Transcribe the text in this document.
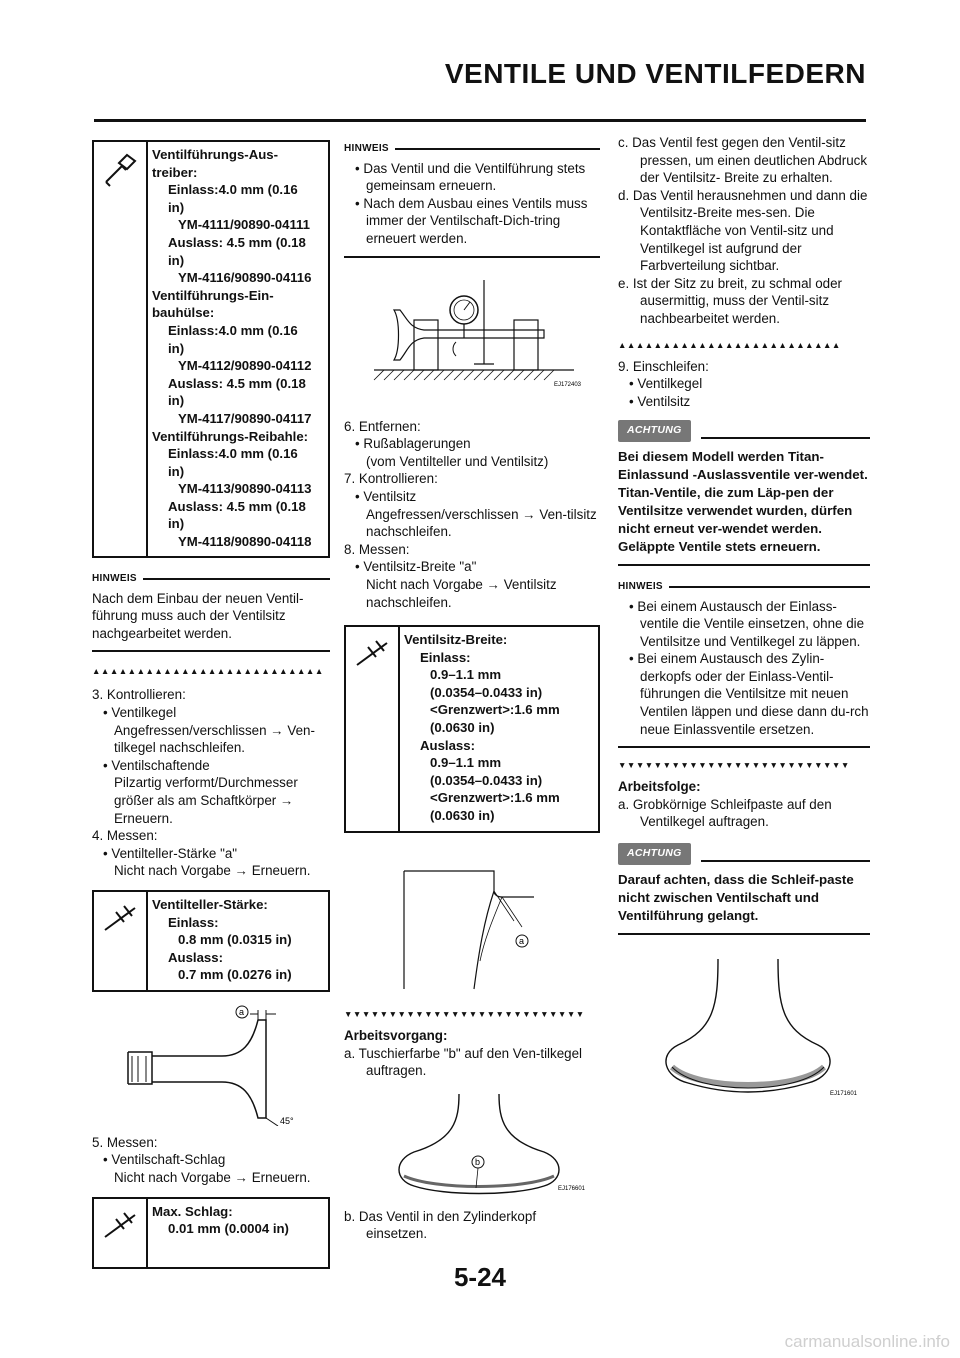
VENTILE UND VENTILFEDERN
Ventilführungs-Aus-
treiber:
Einlass:4.0 mm (0.16
in)
YM-4111/90890-04111
Auslass: 4.5 mm (0.18
in)
YM-4116/90890-04116
Ventilführungs-Ein-
bauhülse:
Einlass:4.0 mm (0.16
in)
YM-4112/90890-04112
Auslass: 4.5 mm (0.18
in)
YM-4117/90890-04117
Ventilführungs-Reibahle:
Einlass:4.0 mm (0.16
in)
YM-4113/90890-04113
Auslass: 4.5 mm (0.18
in)
YM-4118/90890-04118
HINWEIS
Nach dem Einbau der neuen Ventil-führung muss auch der Ventilsitz nachgearbeitet werden.
▲▲▲▲▲▲▲▲▲▲▲▲▲▲▲▲▲▲▲▲▲▲▲▲▲▲
3. Kontrollieren:
• Ventilkegel
Angefressen/verschlissen → Ven-tilkegel nachschleifen.
• Ventilschaftende
Pilzartig verformt/Durchmesser größer als am Schaftkörper → Erneuern.
4. Messen:
• Ventilteller-Stärke "a"
Nicht nach Vorgabe → Erneuern.
Ventilteller-Stärke:
Einlass:
0.8 mm (0.0315 in)
Auslass:
0.7 mm (0.0276 in)
a
45°
5. Messen:
• Ventilschaft-Schlag
Nicht nach Vorgabe → Erneuern.
Max. Schlag:
0.01 mm (0.0004 in)
HINWEIS
• Das Ventil und die Ventilführung stets gemeinsam erneuern.
• Nach dem Ausbau eines Ventils muss immer der Ventilschaft-Dich-tring erneuert werden.
EJ172403
6. Entfernen:
• Rußablagerungen
(vom Ventilteller und Ventilsitz)
7. Kontrollieren:
• Ventilsitz
Angefressen/verschlissen → Ven-tilsitz nachschleifen.
8. Messen:
• Ventilsitz-Breite "a"
Nicht nach Vorgabe → Ventilsitz nachschleifen.
Ventilsitz-Breite:
Einlass:
0.9–1.1 mm
(0.0354–0.0433 in)
<Grenzwert>:1.6 mm
(0.0630 in)
Auslass:
0.9–1.1 mm
(0.0354–0.0433 in)
<Grenzwert>:1.6 mm
(0.0630 in)
a
▼▼▼▼▼▼▼▼▼▼▼▼▼▼▼▼▼▼▼▼▼▼▼▼▼▼▼
Arbeitsvorgang:
a. Tuschierfarbe "b" auf den Ven-tilkegel auftragen.
b
EJ176601
b. Das Ventil in den Zylinderkopf einsetzen.
c. Das Ventil fest gegen den Ventil-sitz pressen, um einen deutlichen Abdruck der Ventilsitz- Breite zu erhalten.
d. Das Ventil herausnehmen und dann die Ventilsitz-Breite mes-sen. Die Kontaktfläche von Ventil-sitz und Ventilkegel ist aufgrund der Farbverteilung sichtbar.
e. Ist der Sitz zu breit, zu schmal oder ausermittig, muss der Ventil-sitz nachbearbeitet werden.
▲▲▲▲▲▲▲▲▲▲▲▲▲▲▲▲▲▲▲▲▲▲▲▲▲
9. Einschleifen:
• Ventilkegel
• Ventilsitz
ACHTUNG
Bei diesem Modell werden Titan-Einlassund -Auslassventile ver-wendet. Titan-Ventile, die zum Läp-pen der Ventilsitze verwendet wurden, dürfen nicht erneut ver-wendet werden. Geläppte Ventile stets erneuern.
HINWEIS
• Bei einem Austausch der Einlass-ventile die Ventile einsetzen, ohne die Ventilsitze und Ventilkegel zu läppen.
• Bei einem Austausch des Zylin-derkopfs oder der Einlass-Ventil-führungen die Ventilsitze mit neuen Ventilen läppen und diese dann du-rch neue Einlassventile ersetzen.
▼▼▼▼▼▼▼▼▼▼▼▼▼▼▼▼▼▼▼▼▼▼▼▼▼▼
Arbeitsfolge:
a. Grobkörnige Schleifpaste auf den Ventilkegel auftragen.
ACHTUNG
Darauf achten, dass die Schleif-paste nicht zwischen Ventilschaft und Ventilführung gelangt.
EJ171601
5-24
carmanualsonline.info
